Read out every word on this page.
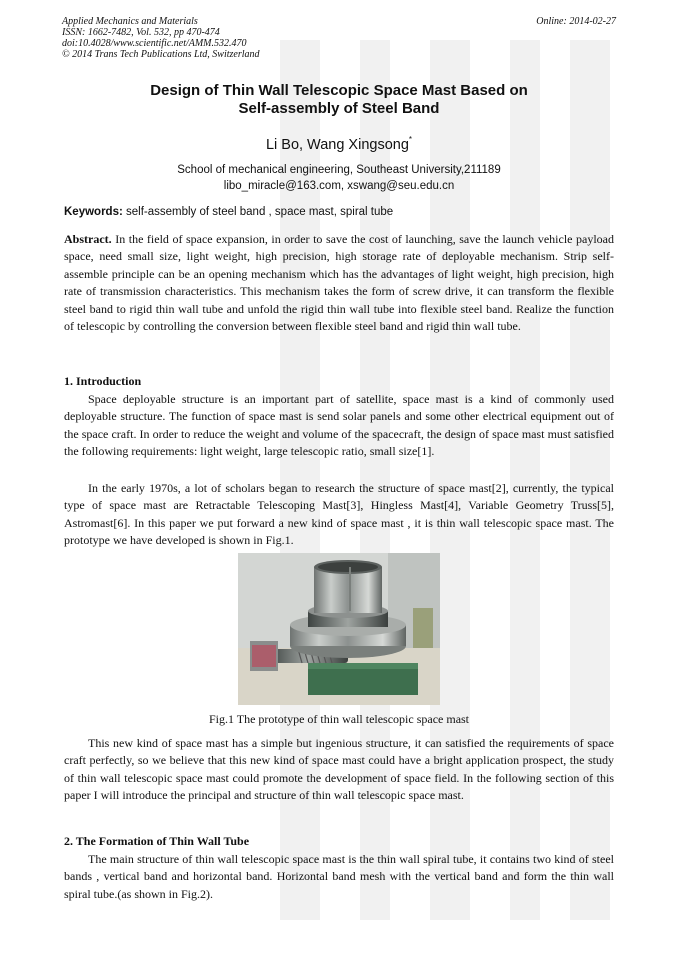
Applied Mechanics and Materials
ISSN: 1662-7482, Vol. 532, pp 470-474
doi:10.4028/www.scientific.net/AMM.532.470
© 2014 Trans Tech Publications Ltd, Switzerland
Online: 2014-02-27
Design of Thin Wall Telescopic Space Mast Based on
Self-assembly of Steel Band
Li Bo, Wang Xingsong*
School of mechanical engineering, Southeast University,211189
libo_miracle@163.com, xswang@seu.edu.cn
Keywords: self-assembly of steel band , space mast, spiral tube

Abstract. In the field of space expansion, in order to save the cost of launching, save the launch vehicle payload space, need small size, light weight, high precision, high storage rate of deployable mechanism. Strip self-assemble principle can be an opening mechanism which has the advantages of light weight, high precision, high rate of transmission characteristics. This mechanism takes the form of screw drive, it can transform the flexible steel band to rigid thin wall tube and unfold the rigid thin wall tube into flexible steel band. Realize the function of telescopic by controlling the conversion between flexible steel band and rigid thin wall tube.

1. Introduction

Space deployable structure is an important part of satellite, space mast is a kind of commonly used deployable structure. The function of space mast is send solar panels and some other electrical equipment out of the space craft. In order to reduce the weight and volume of the spacecraft, the design of space mast must satisfied the following requirements: light weight, large telescopic ratio, small size[1].

In the early 1970s, a lot of scholars began to research the structure of space mast[2], currently, the typical type of space mast are Retractable Telescoping Mast[3], Hingless Mast[4], Variable Geometry Truss[5], Astromast[6]. In this paper we put forward a new kind of space mast , it is thin wall telescopic space mast. The prototype we have developed is shown in Fig.1.

Fig.1 The prototype of thin wall telescopic space mast

This new kind of space mast has a simple but ingenious structure, it can satisfied the requirements of space craft perfectly, so we believe that this new kind of space mast could have a bright application prospect, the study of thin wall telescopic space mast could promote the development of space field. In the following section of this paper I will introduce the principal and structure of thin wall telescopic space mast.

2. The Formation of Thin Wall Tube

The main structure of thin wall telescopic space mast is the thin wall spiral tube, it contains two kind of steel bands , vertical band and horizontal band. Horizontal band mesh with the vertical band and form the thin wall spiral tube.(as shown in Fig.2).
